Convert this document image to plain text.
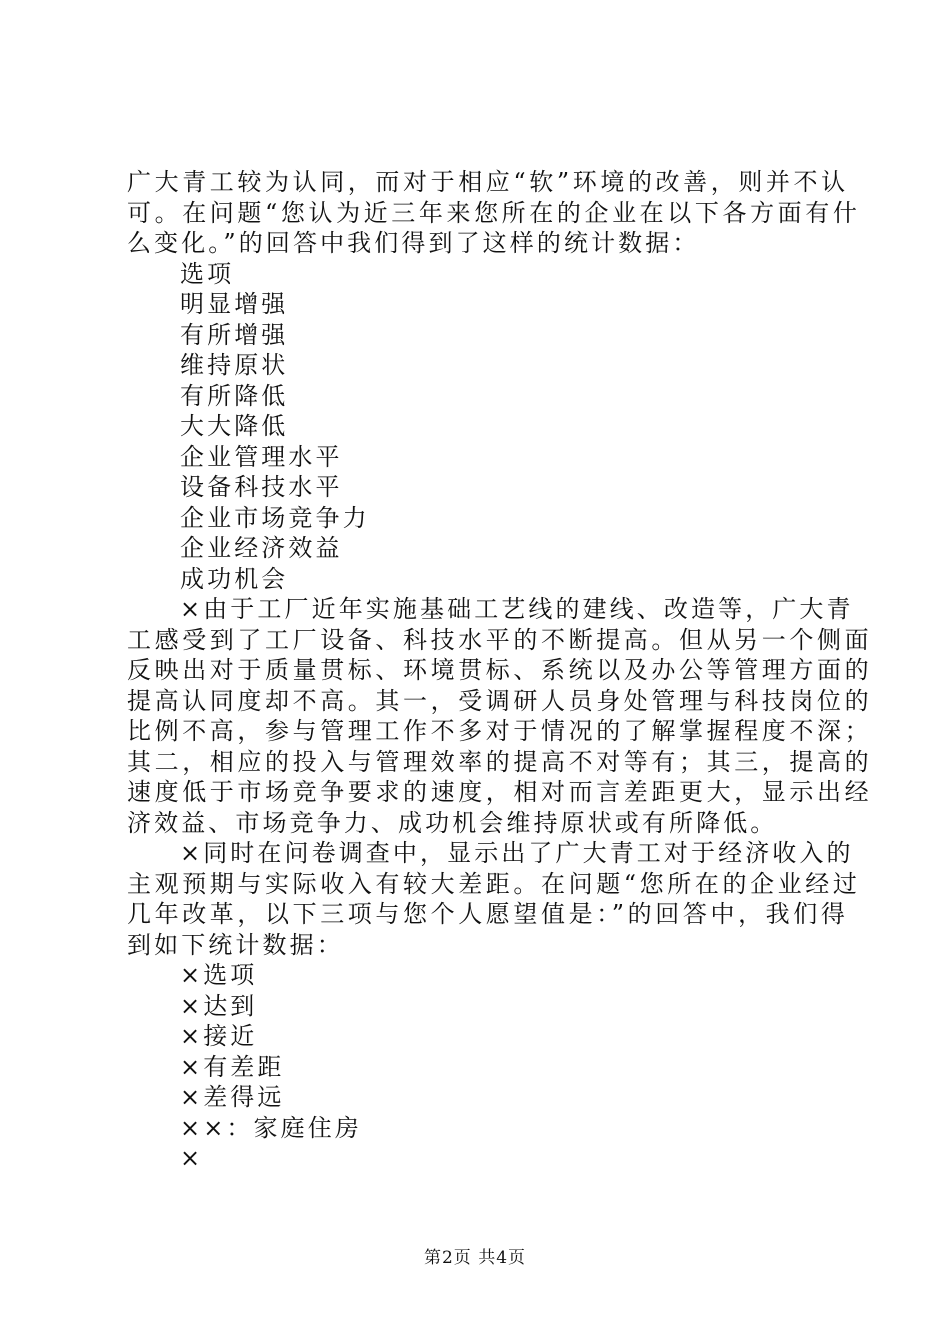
广大青工较为认同，而对于相应“软”环境的改善，则并不认
可。在问题“您认为近三年来您所在的企业在以下各方面有什
么变化。”的回答中我们得到了这样的统计数据：
选项
明显增强
有所增强
维持原状
有所降低
大大降低
企业管理水平
设备科技水平
企业市场竞争力
企业经济效益
成功机会
×由于工厂近年实施基础工艺线的建线、改造等，广大青
工感受到了工厂设备、科技水平的不断提高。但从另一个侧面
反映出对于质量贯标、环境贯标、系统以及办公等管理方面的
提高认同度却不高。其一，受调研人员身处管理与科技岗位的
比例不高，参与管理工作不多对于情况的了解掌握程度不深；
其二，相应的投入与管理效率的提高不对等有；其三，提高的
速度低于市场竞争要求的速度，相对而言差距更大，显示出经
济效益、市场竞争力、成功机会维持原状或有所降低。
×同时在问卷调查中，显示出了广大青工对于经济收入的
主观预期与实际收入有较大差距。在问题“您所在的企业经过
几年改革，以下三项与您个人愿望值是：”的回答中，我们得
到如下统计数据：
×选项
×达到
×接近
×有差距
×差得远
××：家庭住房
×
第2页 共4页
